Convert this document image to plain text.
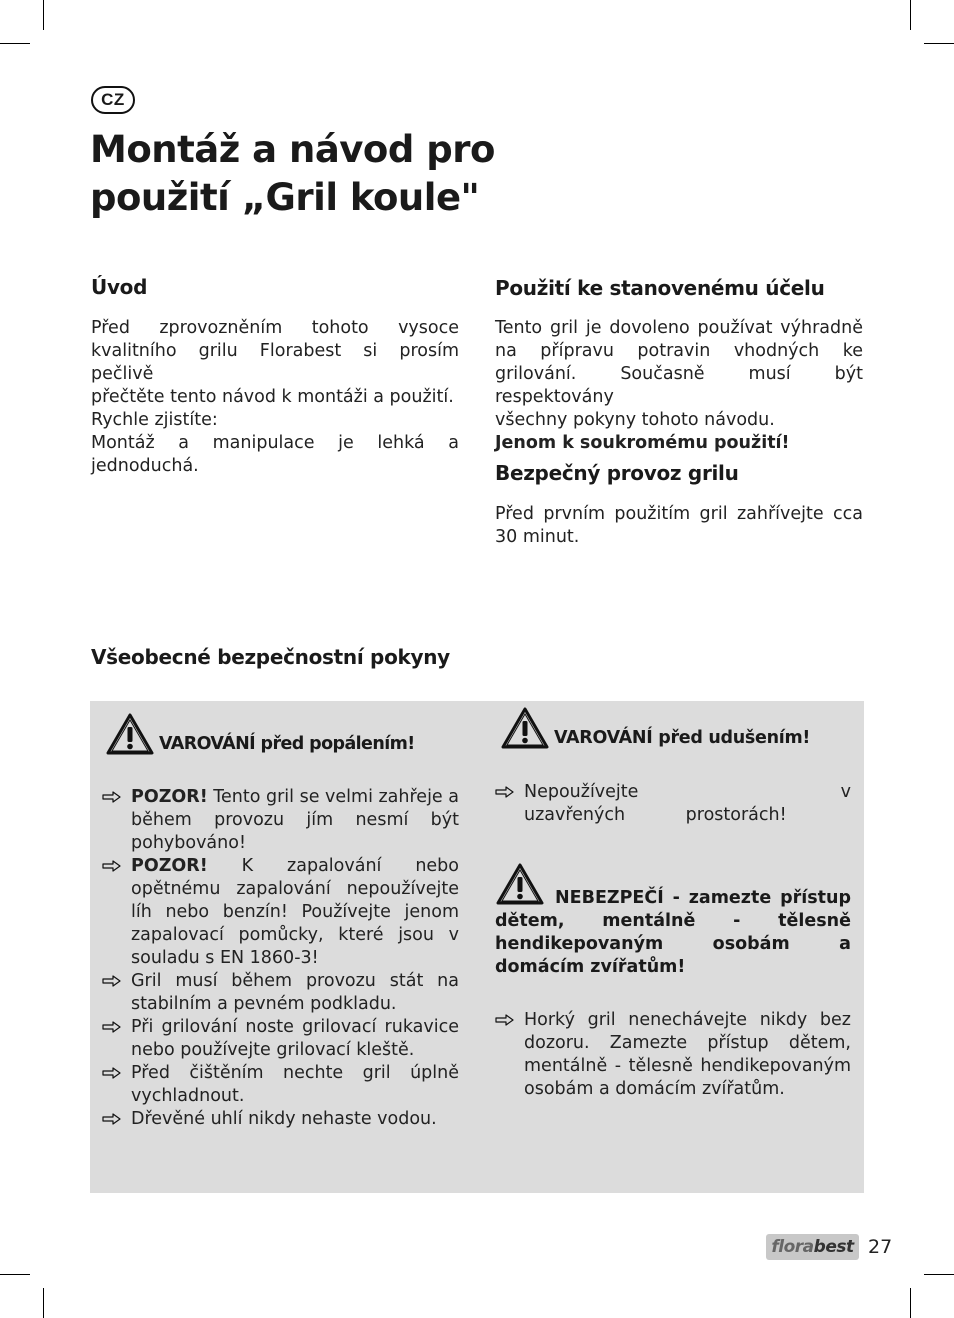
CZ
Montáž a návod pro
použití „Gril koule"
Úvod

Před zprovozněním tohoto vysoce
kvalitního grilu Florabest si prosím pečlivě
přečtěte tento návod k montáži a použití.
Rychle zjistíte:
Montáž a manipulace je lehká a
jednoduchá.

Použití ke stanovenému účelu

Tento gril je dovoleno používat výhradně
na přípravu potravin vhodných ke
grilování. Současně musí být respektovány
všechny pokyny tohoto návodu.
Jenom k soukromému použití!

Bezpečný provoz grilu

Před prvním použitím gril zahřívejte cca
30 minut.

Všeobecné bezpečnostní pokyny
VAROVÁNÍ před popálením!
POZOR! Tento gril se velmi zahřeje a během provozu jím nesmí být pohybováno!
POZOR! K zapalování nebo opětnému zapalování nepoužívejte líh nebo benzín! Používejte jenom zapalovací pomůcky, které jsou v souladu s EN 1860-3!
Gril musí během provozu stát na stabilním a pevném podkladu.
Při grilování noste grilovací rukavice nebo používejte grilovací kleště.
Před čištěním nechte gril úplně vychladnout.
Dřevěné uhlí nikdy nehaste vodou.
VAROVÁNÍ před udušením!
Nepoužívejte v uzavřených prostorách!
NEBEZPEČÍ - zamezte přístup dětem, mentálně - tělesně hendikepovaným osobám a domácím zvířatům!
Horký gril nenechávejte nikdy bez dozoru. Zamezte přístup dětem, mentálně - tělesně hendikepovaným osobám a domácím zvířatům.
florabest 27
